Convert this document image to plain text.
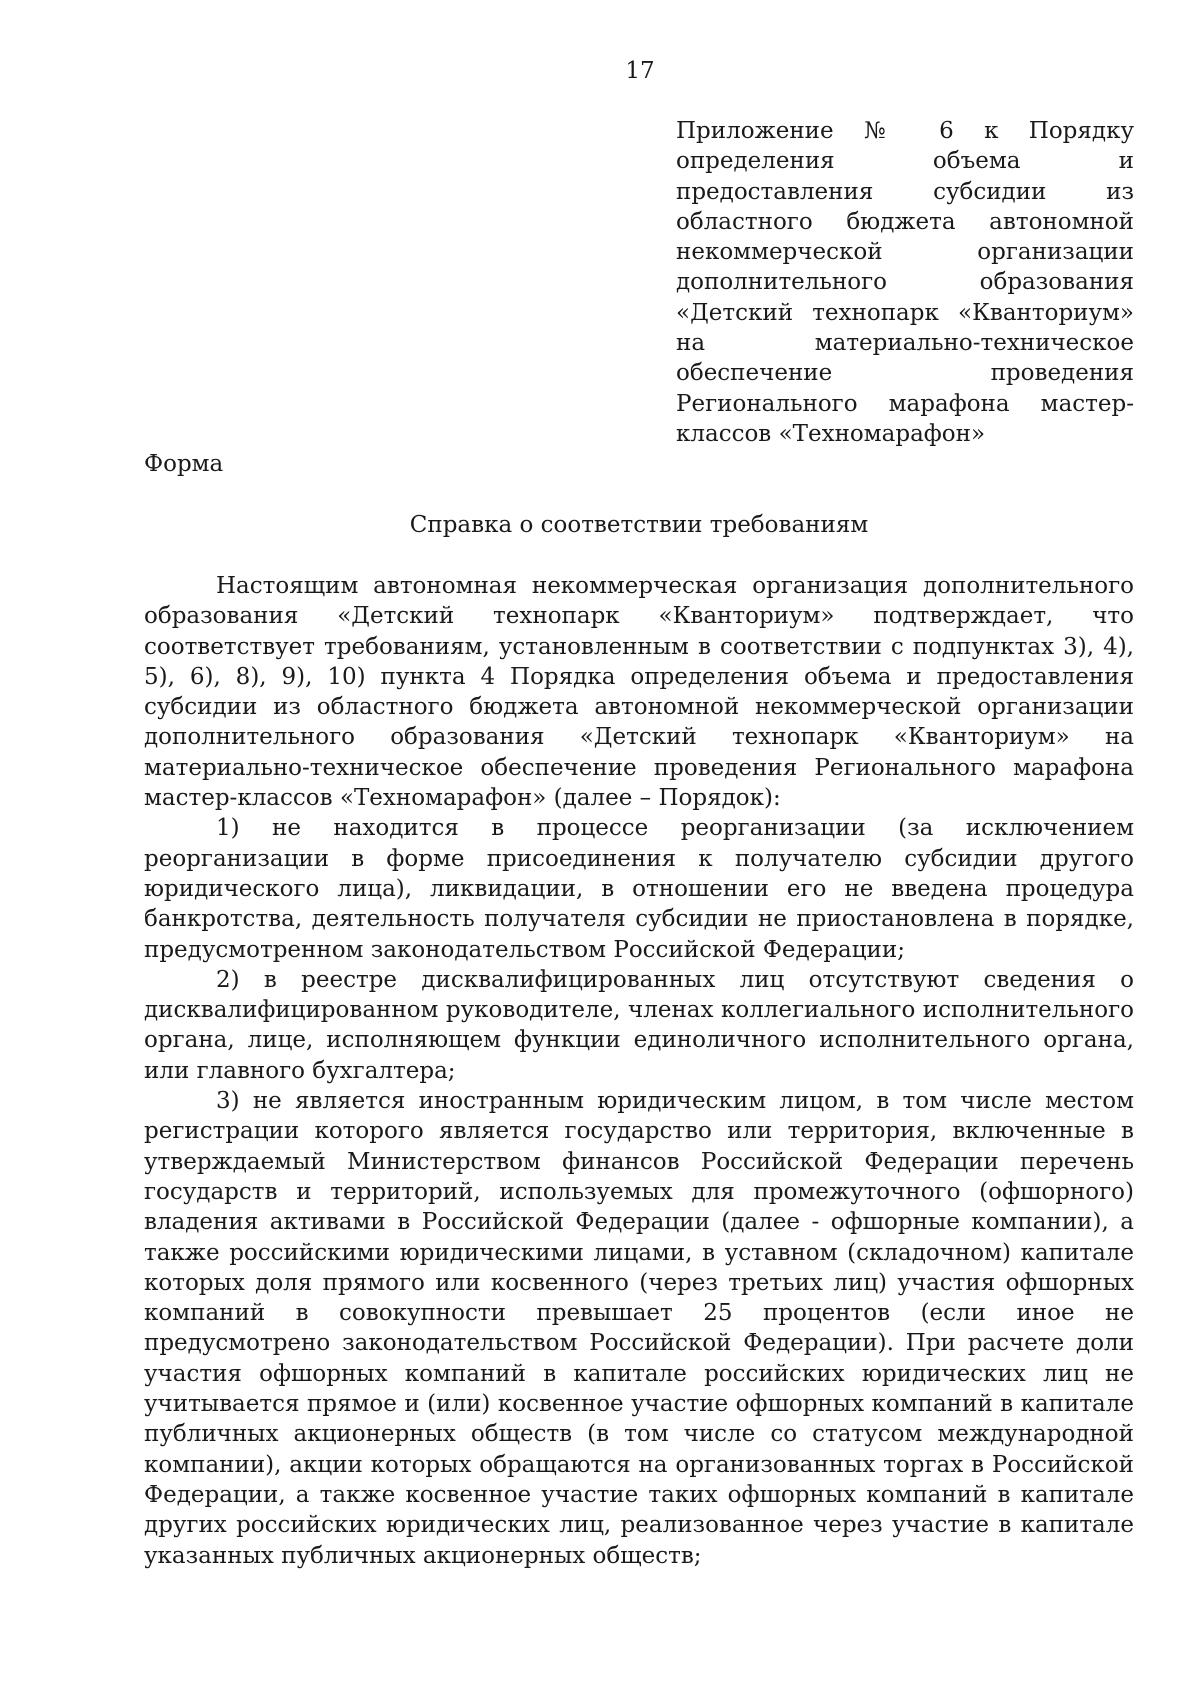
17
Приложение № 6 к Порядку определения объема и предоставления субсидии из областного бюджета автономной некоммерческой организации дополнительного образования «Детский технопарк «Кванториум» на материально-техническое обеспечение проведения Регионального марафона мастер-классов «Техномарафон»
Форма
Справка о соответствии требованиям

Настоящим автономная некоммерческая организация дополнительного образования «Детский технопарк «Кванториум» подтверждает, что соответствует требованиям, установленным в соответствии с подпунктах 3), 4), 5), 6), 8), 9), 10) пункта 4 Порядка определения объема и предоставления субсидии из областного бюджета автономной некоммерческой организации дополнительного образования «Детский технопарк «Кванториум» на материально-техническое обеспечение проведения Регионального марафона мастер-классов «Техномарафон» (далее – Порядок):

1) не находится в процессе реорганизации (за исключением реорганизации в форме присоединения к получателю субсидии другого юридического лица), ликвидации, в отношении его не введена процедура банкротства, деятельность получателя субсидии не приостановлена в порядке, предусмотренном законодательством Российской Федерации;

2) в реестре дисквалифицированных лиц отсутствуют сведения о дисквалифицированном руководителе, членах коллегиального исполнительного органа, лице, исполняющем функции единоличного исполнительного органа, или главного бухгалтера;

3) не является иностранным юридическим лицом, в том числе местом регистрации которого является государство или территория, включенные в утверждаемый Министерством финансов Российской Федерации перечень государств и территорий, используемых для промежуточного (офшорного) владения активами в Российской Федерации (далее - офшорные компании), а также российскими юридическими лицами, в уставном (складочном) капитале которых доля прямого или косвенного (через третьих лиц) участия офшорных компаний в совокупности превышает 25 процентов (если иное не предусмотрено законодательством Российской Федерации). При расчете доли участия офшорных компаний в капитале российских юридических лиц не учитывается прямое и (или) косвенное участие офшорных компаний в капитале публичных акционерных обществ (в том числе со статусом международной компании), акции которых обращаются на организованных торгах в Российской Федерации, а также косвенное участие таких офшорных компаний в капитале других российских юридических лиц, реализованное через участие в капитале указанных публичных акционерных обществ;
